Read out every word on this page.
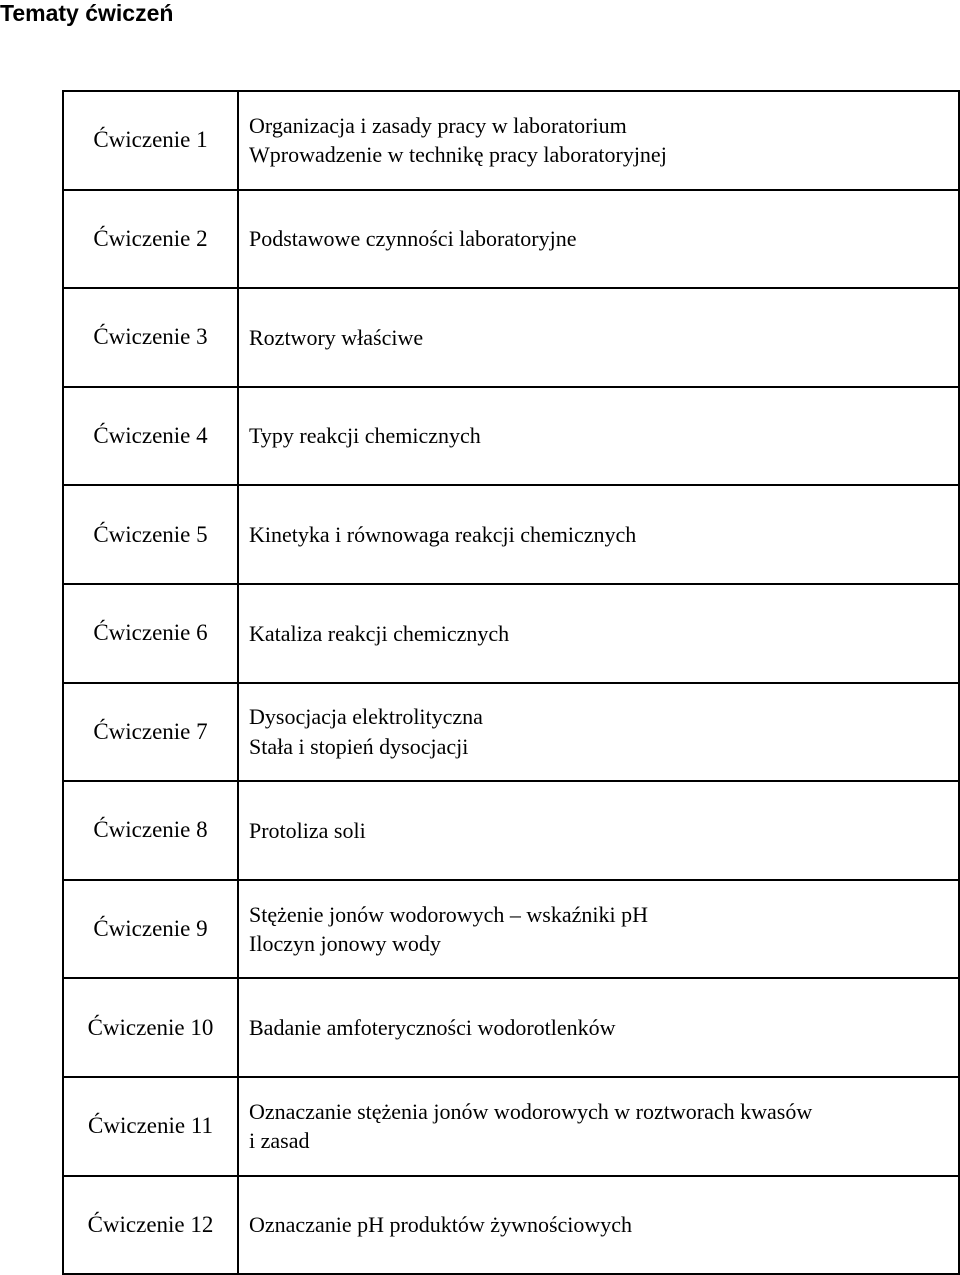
Tematy ćwiczeń
Ćwiczenie 1	Organizacja i zasady pracy w laboratorium
Wprowadzenie w technikę pracy laboratoryjnej

Ćwiczenie 2	Podstawowe czynności laboratoryjne

Ćwiczenie 3	Roztwory właściwe

Ćwiczenie 4	Typy reakcji chemicznych

Ćwiczenie 5	Kinetyka i równowaga reakcji chemicznych

Ćwiczenie 6	Kataliza reakcji chemicznych

Ćwiczenie 7	Dysocjacja elektrolityczna
Stała i stopień dysocjacji

Ćwiczenie 8	Protoliza soli

Ćwiczenie 9	Stężenie jonów wodorowych – wskaźniki pH
Iloczyn jonowy wody

Ćwiczenie 10	Badanie amfoteryczności wodorotlenków

Ćwiczenie 11	Oznaczanie stężenia jonów wodorowych w roztworach kwasów
i zasad

Ćwiczenie 12	Oznaczanie pH produktów żywnościowych
